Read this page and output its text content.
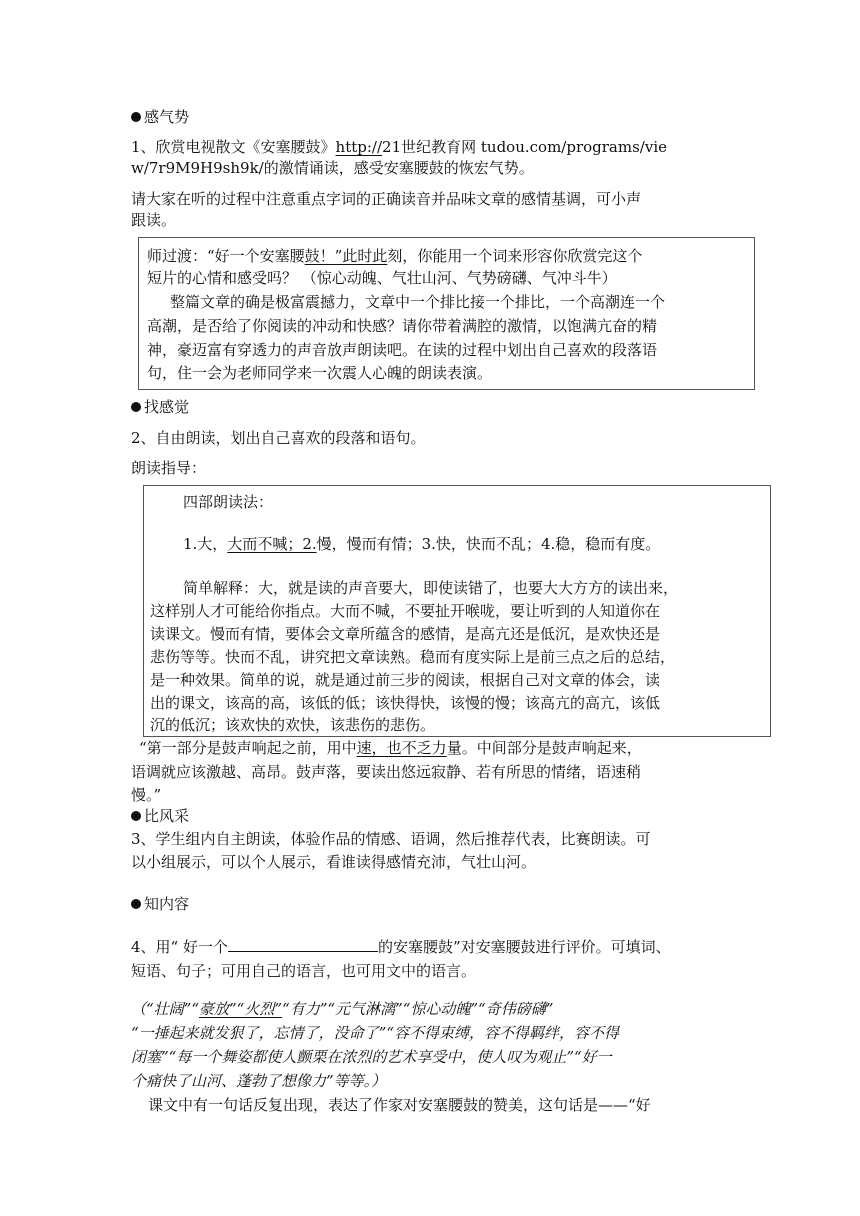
感气势
1、欣赏电视散文《安塞腰鼓》http://21世纪教育网 tudou.com/programs/vie
w/7r9M9H9sh9k/的激情诵读，感受安塞腰鼓的恢宏气势。
请大家在听的过程中注意重点字词的正确读音并品味文章的感情基调，可小声
跟读。
师过渡：“好一个安塞腰鼓！”此时此刻，你能用一个词来形容你欣赏完这个
短片的心情和感受吗？ （惊心动魄、气壮山河、气势磅礴、气冲斗牛）
整篇文章的确是极富震撼力，文章中一个排比接一个排比，一个高潮连一个
高潮，是否给了你阅读的冲动和快感？请你带着满腔的激情，以饱满亢奋的精
神，豪迈富有穿透力的声音放声朗读吧。在读的过程中划出自己喜欢的段落语
句，住一会为老师同学来一次震人心魄的朗读表演。
找感觉
2、自由朗读，划出自己喜欢的段落和语句。
朗读指导：
四部朗读法：
1.大，大而不喊；2.慢，慢而有情；3.快，快而不乱；4.稳，稳而有度。
简单解释：大，就是读的声音要大，即使读错了，也要大大方方的读出来，
这样别人才可能给你指点。大而不喊，不要扯开喉咙，要让听到的人知道你在
读课文。慢而有情，要体会文章所蕴含的感情，是高亢还是低沉，是欢快还是
悲伤等等。快而不乱，讲究把文章读熟。稳而有度实际上是前三点之后的总结，
是一种效果。简单的说，就是通过前三步的阅读，根据自己对文章的体会，读
出的课文，该高的高，该低的低；该快得快，该慢的慢；该高亢的高亢，该低
沉的低沉；该欢快的欢快，该悲伤的悲伤。
“第一部分是鼓声响起之前，用中速，也不乏力量。中间部分是鼓声响起来，
语调就应该激越、高昂。鼓声落，要读出悠远寂静、若有所思的情绪，语速稍
慢。”
比风采
3、学生组内自主朗读，体验作品的情感、语调，然后推荐代表，比赛朗读。可
以小组展示，可以个人展示，看谁读得感情充沛，气壮山河。
知内容
4、用“ 好一个	的安塞腰鼓”对安塞腰鼓进行评价。可填词、
短语、句子；可用自己的语言，也可用文中的语言。
（“壮阔”“豪放”“火烈”“有力”“元气淋漓”“惊心动魄”“奇伟磅礴”
“一捶起来就发狠了，忘情了，没命了”“容不得束缚，容不得羁绊，容不得
闭塞”“每一个舞姿都使人颤栗在浓烈的艺术享受中，使人叹为观止”“好一
个痛快了山河、蓬勃了想像力”等等。）
课文中有一句话反复出现，表达了作家对安塞腰鼓的赞美，这句话是——“好
